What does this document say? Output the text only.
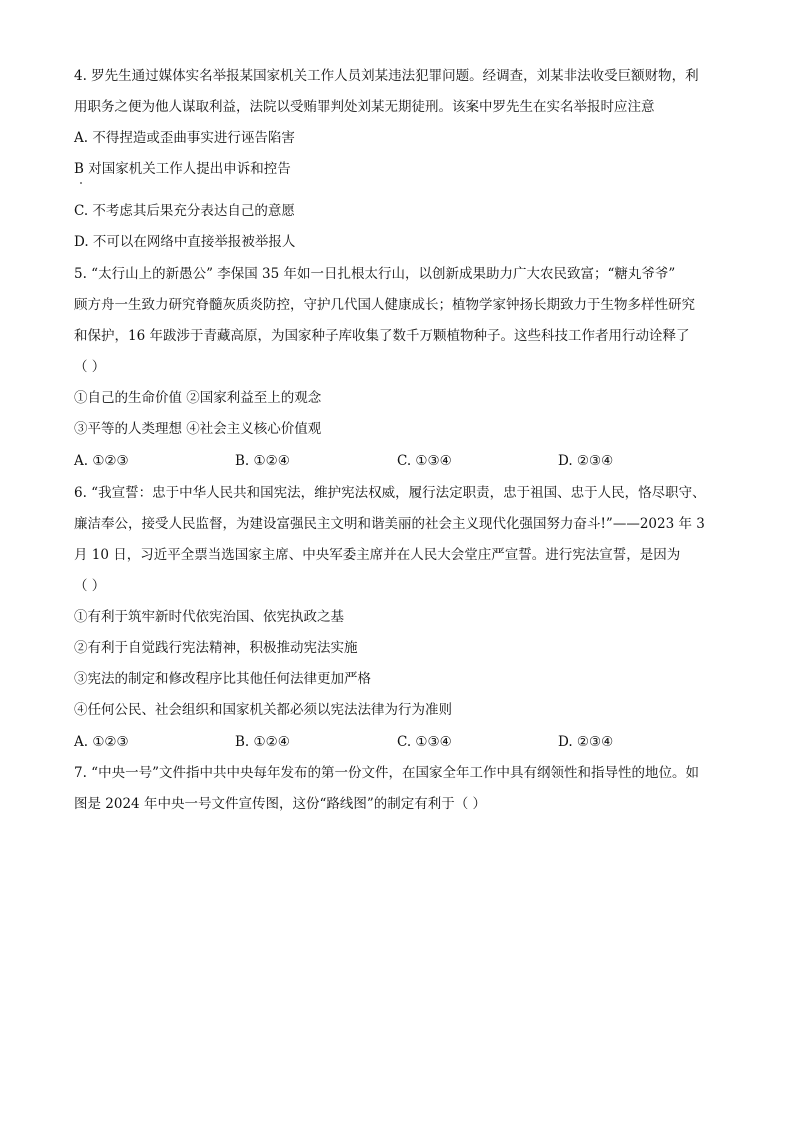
4. 罗先生通过媒体实名举报某国家机关工作人员刘某违法犯罪问题。经调查，刘某非法收受巨额财物，利
用职务之便为他人谋取利益，法院以受贿罪判处刘某无期徒刑。该案中罗先生在实名举报时应注意
A. 不得捏造或歪曲事实进行诬告陷害
B 对国家机关工作人提出申诉和控告
C. 不考虑其后果充分表达自己的意愿
D. 不可以在网络中直接举报被举报人
5. “太行山上的新愚公” 李保国 35 年如一日扎根太行山，以创新成果助力广大农民致富；“糖丸爷爷”
顾方舟一生致力研究脊髓灰质炎防控，守护几代国人健康成长；植物学家钟扬长期致力于生物多样性研究
和保护，16 年跋涉于青藏高原，为国家种子库收集了数千万颗植物种子。这些科技工作者用行动诠释了
（ ）
①自己的生命价值 ②国家利益至上的观念
③平等的人类理想 ④社会主义核心价值观
A. ①②③	B. ①②④	C. ①③④	D. ②③④
6. “我宣誓：忠于中华人民共和国宪法，维护宪法权威，履行法定职责，忠于祖国、忠于人民，恪尽职守、
廉洁奉公，接受人民监督，为建设富强民主文明和谐美丽的社会主义现代化强国努力奋斗!”——2023 年 3
月 10 日，习近平全票当选国家主席、中央军委主席并在人民大会堂庄严宣誓。进行宪法宣誓，是因为
（ ）
①有利于筑牢新时代依宪治国、依宪执政之基
②有利于自觉践行宪法精神，积极推动宪法实施
③宪法的制定和修改程序比其他任何法律更加严格
④任何公民、社会组织和国家机关都必须以宪法法律为行为准则
A. ①②③	B. ①②④	C. ①③④	D. ②③④
7. “中央一号”文件指中共中央每年发布的第一份文件，在国家全年工作中具有纲领性和指导性的地位。如
图是 2024 年中央一号文件宣传图，这份“路线图”的制定有利于（ ）
